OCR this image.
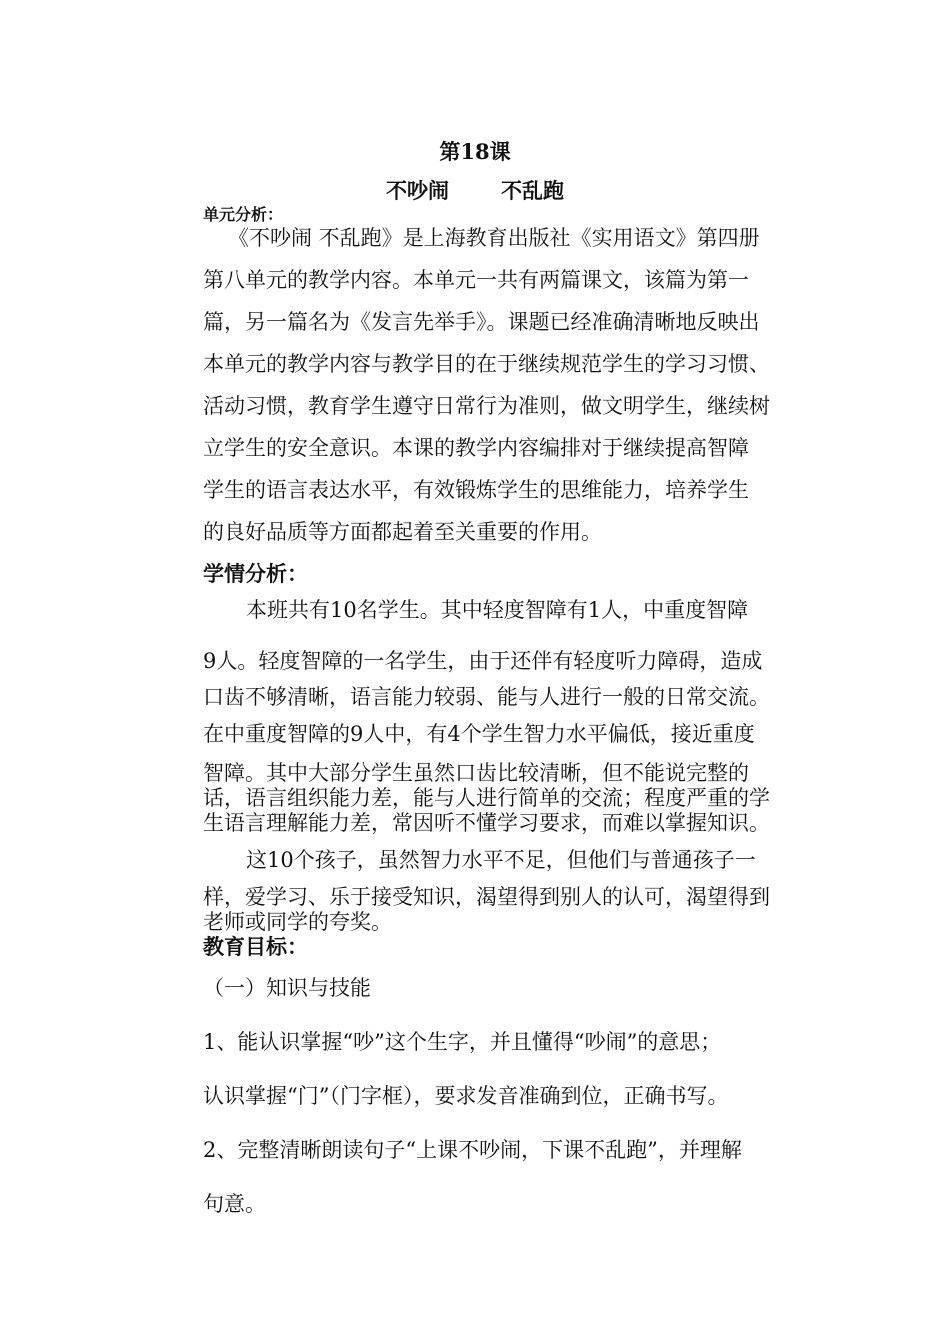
第18课
不吵闹 不乱跑
单元分析：
《不吵闹 不乱跑》是上海教育出版社《实用语文》第四册
第八单元的教学内容。本单元一共有两篇课文，该篇为第一
篇，另一篇名为《发言先举手》。课题已经准确清晰地反映出
本单元的教学内容与教学目的在于继续规范学生的学习习惯、
活动习惯，教育学生遵守日常行为准则，做文明学生，继续树
立学生的安全意识。本课的教学内容编排对于继续提高智障
学生的语言表达水平，有效锻炼学生的思维能力，培养学生
的良好品质等方面都起着至关重要的作用。
学情分析：
本班共有10名学生。其中轻度智障有1人，中重度智障
9人。轻度智障的一名学生，由于还伴有轻度听力障碍，造成
口齿不够清晰，语言能力较弱、能与人进行一般的日常交流。
在中重度智障的9人中，有4个学生智力水平偏低，接近重度
智障。其中大部分学生虽然口齿比较清晰，但不能说完整的
话，语言组织能力差，能与人进行简单的交流；程度严重的学
生语言理解能力差，常因听不懂学习要求，而难以掌握知识。
这10个孩子，虽然智力水平不足，但他们与普通孩子一
样，爱学习、乐于接受知识，渴望得到别人的认可，渴望得到
老师或同学的夸奖。
教育目标：
（一）知识与技能
1、能认识掌握“吵”这个生字，并且懂得“吵闹”的意思；
认识掌握“门”（门字框），要求发音准确到位，正确书写。
2、完整清晰朗读句子“上课不吵闹，下课不乱跑”，并理解
句意。
